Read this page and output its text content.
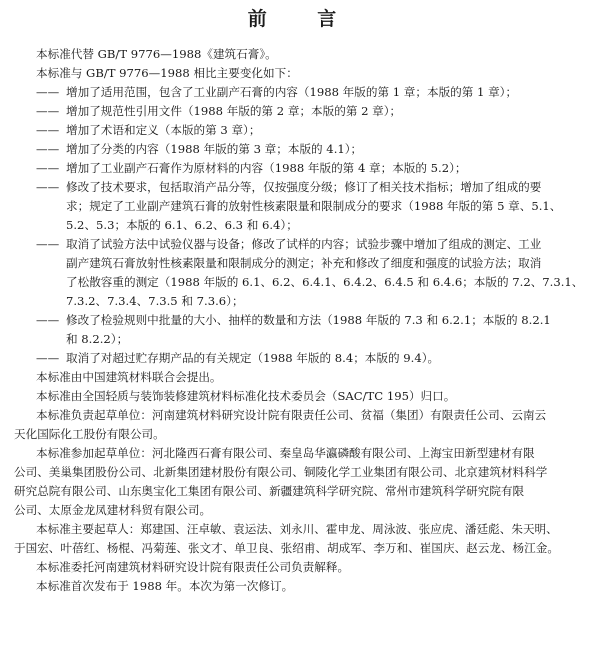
前 言

本标准代替 GB/T 9776—1988《建筑石膏》。

本标准与 GB/T 9776—1988 相比主要变化如下：

—— 增加了适用范围，包含了工业副产石膏的内容（1988 年版的第 1 章；本版的第 1 章）；
—— 增加了规范性引用文件（1988 年版的第 2 章；本版的第 2 章）；
—— 增加了术语和定义（本版的第 3 章）；
—— 增加了分类的内容（1988 年版的第 3 章；本版的 4.1）；
—— 增加了工业副产石膏作为原材料的内容（1988 年版的第 4 章；本版的 5.2）；
—— 修改了技术要求，包括取消产品分等，仅按强度分级；修订了相关技术指标；增加了组成的要
求；规定了工业副产建筑石膏的放射性核素限量和限制成分的要求（1988 年版的第 5 章、5.1、
5.2、5.3；本版的 6.1、6.2、6.3 和 6.4）；
—— 取消了试验方法中试验仪器与设备；修改了试样的内容；试验步骤中增加了组成的测定、工业
副产建筑石膏放射性核素限量和限制成分的测定；补充和修改了细度和强度的试验方法；取消
了松散容重的测定（1988 年版的 6.1、6.2、6.4.1、6.4.2、6.4.5 和 6.4.6；本版的 7.2、7.3.1、
7.3.2、7.3.4、7.3.5 和 7.3.6）；
—— 修改了检验规则中批量的大小、抽样的数量和方法（1988 年版的 7.3 和 6.2.1；本版的 8.2.1
和 8.2.2）；
—— 取消了对超过贮存期产品的有关规定（1988 年版的 8.4；本版的 9.4）。
本标准由中国建筑材料联合会提出。
本标准由全国轻质与装饰装修建筑材料标准化技术委员会（SAC/TC 195）归口。
本标准负责起草单位：河南建筑材料研究设计院有限责任公司、贫福（集团）有限责任公司、云南云
天化国际化工股份有限公司。
本标准参加起草单位：河北隆西石膏有限公司、秦皇岛华瀛磷酸有限公司、上海宝田新型建材有限
公司、美巢集团股份公司、北新集团建材股份有限公司、铜陵化学工业集团有限公司、北京建筑材料科学
研究总院有限公司、山东奥宝化工集团有限公司、新疆建筑科学研究院、常州市建筑科学研究院有限
公司、太原金龙凤建材科贸有限公司。
本标准主要起草人：郑建国、汪卓敏、袁运法、刘永川、霍申龙、周泳波、张应虎、潘廷彪、朱天明、
于国宏、叶蓓红、杨棍、冯菊莲、张文才、单卫良、张绍甫、胡成军、李万和、崔国庆、赵云龙、杨江金。
本标准委托河南建筑材料研究设计院有限责任公司负责解释。
本标准首次发布于 1988 年。本次为第一次修订。
